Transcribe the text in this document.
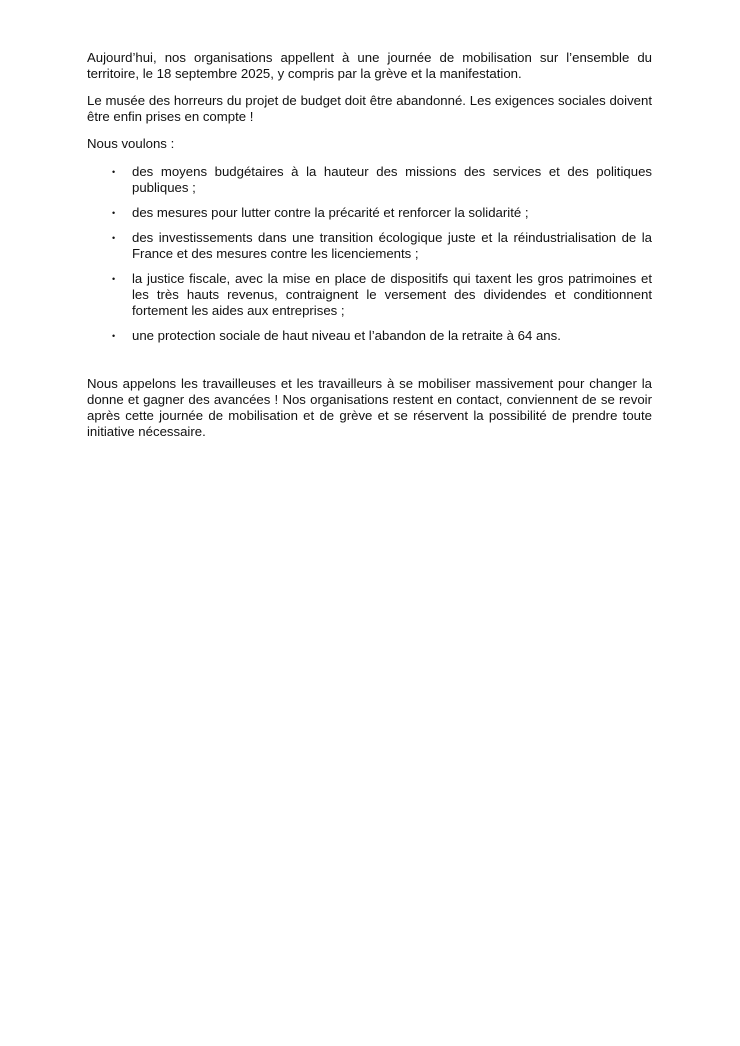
Aujourd’hui, nos organisations appellent à une journée de mobilisation sur l’ensemble du territoire, le 18 septembre 2025, y compris par la grève et la manifestation.

Le musée des horreurs du projet de budget doit être abandonné. Les exigences sociales doivent être enfin prises en compte !

Nous voulons :

• des moyens budgétaires à la hauteur des missions des services et des politiques publiques ;
• des mesures pour lutter contre la précarité et renforcer la solidarité ;
• des investissements dans une transition écologique juste et la réindustrialisation de la France et des mesures contre les licenciements ;
• la justice fiscale, avec la mise en place de dispositifs qui taxent les gros patrimoines et les très hauts revenus, contraignent le versement des dividendes et conditionnent fortement les aides aux entreprises ;
• une protection sociale de haut niveau et l’abandon de la retraite à 64 ans.

Nous appelons les travailleuses et les travailleurs à se mobiliser massivement pour changer la donne et gagner des avancées ! Nos organisations restent en contact, conviennent de se revoir après cette journée de mobilisation et de grève et se réservent la possibilité de prendre toute initiative nécessaire.
